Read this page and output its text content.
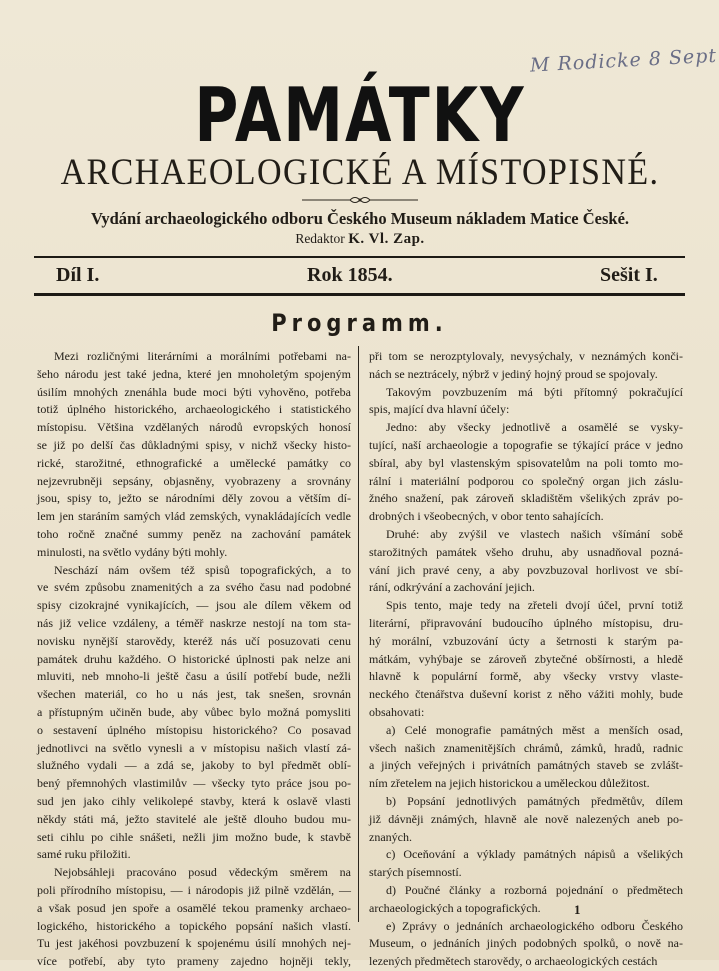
M Rodicke 8 Sept
PAMÁTKY
ARCHAEOLOGICKÉ A MÍSTOPISNÉ.
Vydání archaeologického odboru Českého Museum nákladem Matice České.
Redaktor K. Vl. Zap.
Díl I.	Rok 1854.	Sešit I.
Programm.
Mezi rozličnými literárními a morálními potřebami na-
šeho národu jest také jedna, které jen mnoholetým spojeným
úsilím mnohých znenáhla bude moci býti vyhověno, potřeba
totiž úplného historického, archaeologického i statistického
místopisu. Většina vzdělaných národů evropských honosí
se již po delší čas důkladnými spisy, v nichž všecky histo-
rické, starožitné, ethnografické a umělecké památky co
nejzevrubněji sepsány, objasněny, vyobrazeny a srovnány
jsou, spisy to, ježto se národními děly zovou a větším dí-
lem jen staráním samých vlád zemských, vynakládajících vedle
toho ročně značné summy peněz na zachování památek
minulosti, na světlo vydány býti mohly.
Neschází nám ovšem též spisů topografických, a to
ve svém způsobu znamenitých a za svého času nad podobné
spisy cizokrajné vynikajících, — jsou ale dílem věkem od
nás již velice vzdáleny, a téměř naskrze nestojí na tom sta-
novisku nynější starovědy, kteréž nás učí posuzovati cenu
památek druhu každého. O historické úplnosti pak nelze ani
mluviti, neb mnoho-li ještě času a úsilí potřebí bude, nežli
všechen materiál, co ho u nás jest, tak snešen, srovnán
a přístupným učiněn bude, aby vůbec bylo možná pomysliti
o sestavení úplného místopisu historického? Co posavad
jednotlivci na světlo vynesli a v místopisu našich vlastí zá-
služného vydali — a zdá se, jakoby to byl předmět oblí-
bený přemnohých vlastimilův — všecky tyto práce jsou po-
sud jen jako cihly velikolepé stavby, která k oslavě vlasti
někdy státi má, ježto stavitelé ale ještě dlouho budou mu-
seti cihlu po cihle snášeti, nežli jim možno bude, k stavbě
samé ruku přiložiti.
Nejobsáhleji pracováno posud vědeckým směrem na
poli přírodního místopisu, — i národopis již pilně vzdělán, —
a však posud jen spoře a osamělé tekou pramenky archaeo-
logického, historického a topického popsání našich vlastí.
Tu jest jakéhosi povzbuzení k spojenému úsilí mnohých nej-
více potřebí, aby tyto prameny zajedno hojněji tekly,
při tom se nerozptylovaly, nevysýchaly, v neznámých konči-
nách se neztrácely, nýbrž v jediný hojný proud se spojovaly.
Takovým povzbuzením má býti přítomný pokračující
spis, mající dva hlavní účely:
Jedno: aby všecky jednotlivě a osamělé se vysky-
tující, naší archaeologie a topografie se týkající práce v jedno
sbíral, aby byl vlastenským spisovatelům na poli tomto mo-
rální i materiální podporou co společný organ jich záslu-
žného snažení, pak zároveň skladištěm všelikých zpráv po-
drobných i všeobecných, v obor tento sahajících.
Druhé: aby zvýšil ve vlastech našich všímání sobě
starožitných památek všeho druhu, aby usnadňoval pozná-
vání jich pravé ceny, a aby povzbuzoval horlivost ve sbí-
rání, odkrývání a zachování jejich.
Spis tento, maje tedy na zřeteli dvojí účel, první totiž
literární, připravování budoucího úplného místopisu, dru-
hý morální, vzbuzování úcty a šetrnosti k starým pa-
mátkám, vyhýbaje se zároveň zbytečné obšírnosti, a hledě
hlavně k populární formě, aby všecky vrstvy vlaste-
neckého čtenářstva duševní korist z něho vážiti mohly, bude
obsahovati:
a) Celé monografie památných měst a menších osad,
všech našich znamenitějších chrámů, zámků, hradů, radnic
a jiných veřejných i privátních památných staveb se zvlášt-
ním zřetelem na jejich historickou a uměleckou důležitost.
b) Popsání jednotlivých památných předmětův, dílem
již dávněji známých, hlavně ale nově nalezených aneb po-
znaných.
c) Oceňování a výklady památných nápisů a všelikých
starých písemností.
d) Poučné články a rozborná pojednání o předmětech
archaeologických a topografických.
e) Zprávy o jednáních archaeologického odboru Českého
Museum, o jednáních jiných podobných spolků, o nově na-
lezených předmětech starovědy, o archaeologických cestách
1
